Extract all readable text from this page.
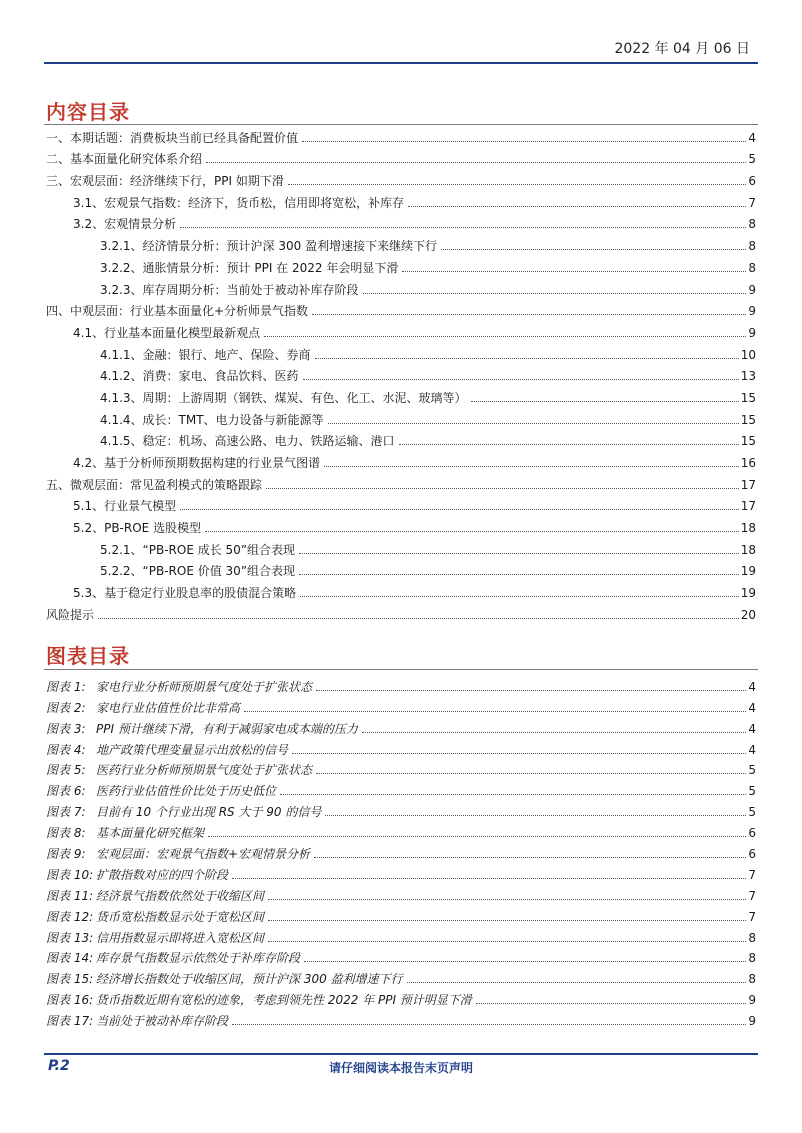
2022 年 04 月 06 日
内容目录
一、本期话题：消费板块当前已经具备配置价值	4
二、基本面量化研究体系介绍	5
三、宏观层面：经济继续下行，PPI 如期下滑	6
3.1、宏观景气指数：经济下，货币松，信用即将宽松，补库存	7
3.2、宏观情景分析	8
3.2.1、经济情景分析：预计沪深 300 盈利增速接下来继续下行	8
3.2.2、通胀情景分析：预计 PPI 在 2022 年会明显下滑	8
3.2.3、库存周期分析：当前处于被动补库存阶段	9
四、中观层面：行业基本面量化+分析师景气指数	9
4.1、行业基本面量化模型最新观点	9
4.1.1、金融：银行、地产、保险、券商	10
4.1.2、消费：家电、食品饮料、医药	13
4.1.3、周期：上游周期（钢铁、煤炭、有色、化工、水泥、玻璃等）	15
4.1.4、成长：TMT、电力设备与新能源等	15
4.1.5、稳定：机场、高速公路、电力、铁路运输、港口	15
4.2、基于分析师预期数据构建的行业景气图谱	16
五、微观层面：常见盈利模式的策略跟踪	17
5.1、行业景气模型	17
5.2、PB-ROE 选股模型	18
5.2.1、“PB-ROE 成长 50”组合表现	18
5.2.2、“PB-ROE 价值 30”组合表现	19
5.3、基于稳定行业股息率的股债混合策略	19
风险提示	20
图表目录
图表 1: 家电行业分析师预期景气度处于扩张状态	4
图表 2: 家电行业估值性价比非常高	4
图表 3: PPI 预计继续下滑，有利于减弱家电成本端的压力	4
图表 4: 地产政策代理变量显示出放松的信号	4
图表 5: 医药行业分析师预期景气度处于扩张状态	5
图表 6: 医药行业估值性价比处于历史低位	5
图表 7: 目前有 10 个行业出现 RS 大于 90 的信号	5
图表 8: 基本面量化研究框架	6
图表 9: 宏观层面：宏观景气指数+宏观情景分析	6
图表 10: 扩散指数对应的四个阶段	7
图表 11: 经济景气指数依然处于收缩区间	7
图表 12: 货币宽松指数显示处于宽松区间	7
图表 13: 信用指数显示即将进入宽松区间	8
图表 14: 库存景气指数显示依然处于补库存阶段	8
图表 15: 经济增长指数处于收缩区间，预计沪深 300 盈利增速下行	8
图表 16: 货币指数近期有宽松的迹象，考虑到领先性 2022 年 PPI 预计明显下滑	9
图表 17: 当前处于被动补库存阶段	9
P.2	请仔细阅读本报告末页声明
